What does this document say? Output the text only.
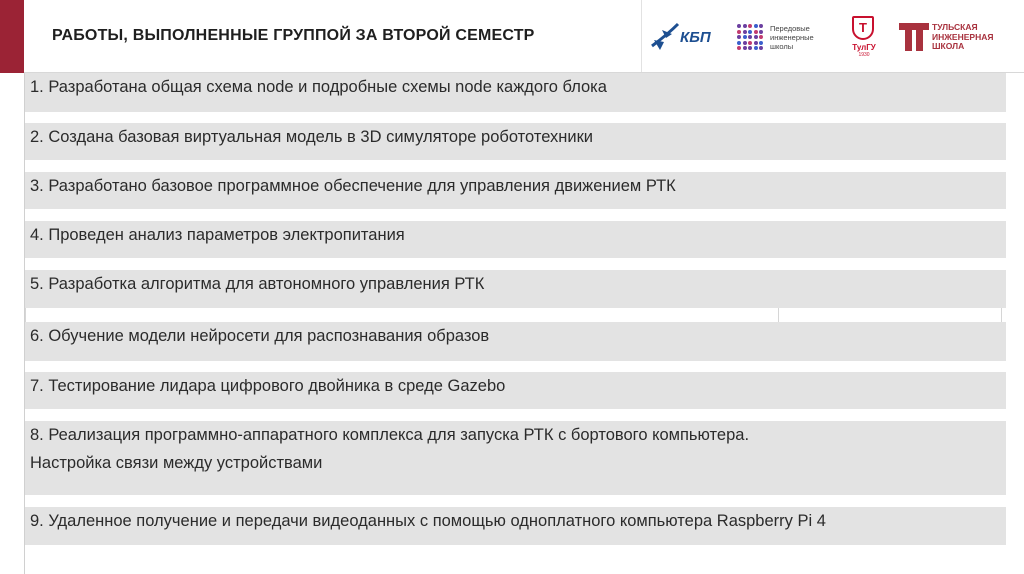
РАБОТЫ, ВЫПОЛНЕННЫЕ ГРУППОЙ ЗА ВТОРОЙ СЕМЕСТР	КБП
Передовые
инженерные
школы
Т
ТулГУ
1930
ТУЛЬСКАЯ
ИНЖЕНЕРНАЯ
ШКОЛА
1. Разработана общая схема node и подробные схемы node каждого блока
2. Создана базовая виртуальная модель в 3D симуляторе робототехники
3. Разработано базовое программное обеспечение для управления движением РТК
4. Проведен анализ параметров электропитания
5. Разработка алгоритма для автономного управления РТК
6. Обучение модели нейросети для распознавания образов
7. Тестирование лидара цифрового двойника в среде Gazebo
8. Реализация программно-аппаратного комплекса для запуска РТК с бортового компьютера.
Настройка связи между устройствами
9. Удаленное получение и передачи видеоданных с помощью одноплатного компьютера Raspberry Pi 4
